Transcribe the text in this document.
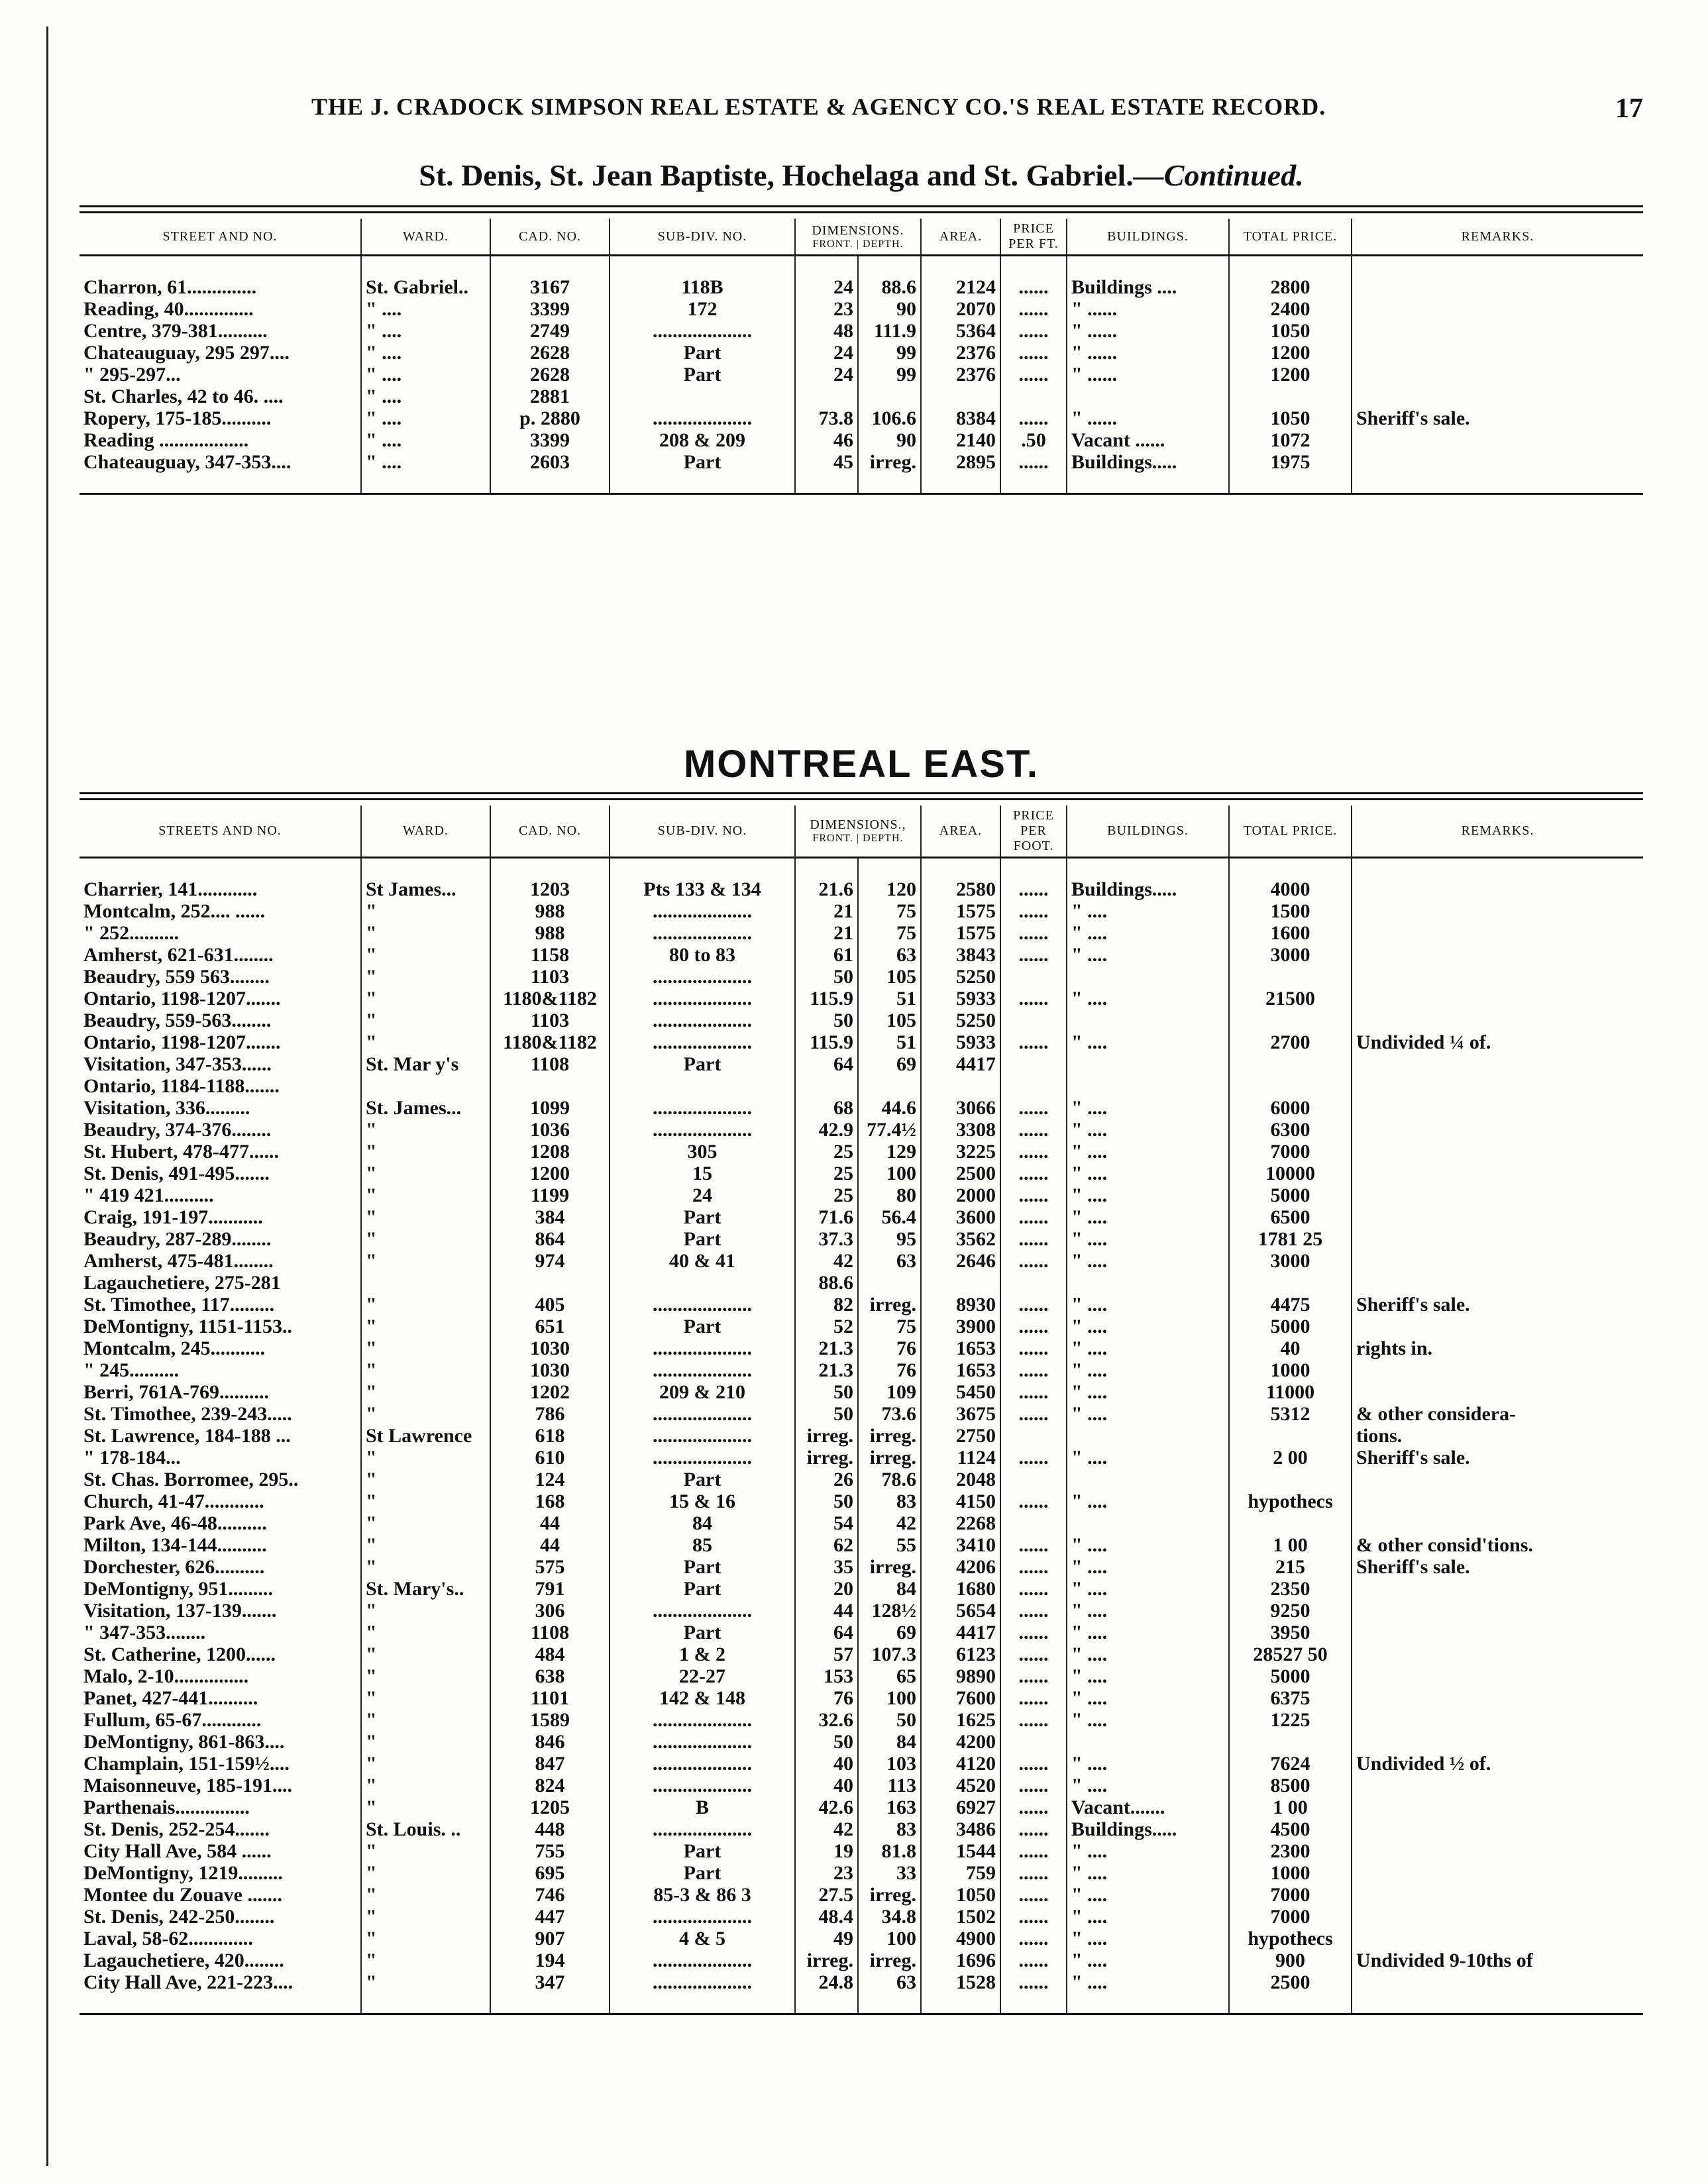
THE J. CRADOCK SIMPSON REAL ESTATE & AGENCY CO.'S REAL ESTATE RECORD.	17
St. Denis, St. Jean Baptiste, Hochelaga and St. Gabriel.—Continued.
STREET AND NO.	WARD.	CAD. NO.	SUB-DIV. NO.	DIMENSIONS.
FRONT. | DEPTH.		AREA.	PRICE PER FT.	BUILDINGS.	TOTAL PRICE.	REMARKS.

Charron, 61..............	St. Gabriel..	3167	118B	24	88.6	2124	......	Buildings ....	2800	
Reading, 40..............	" ....	3399	172	23	90	2070	......	" ......	2400	
Centre, 379-381..........	" ....	2749	....................	48	111.9	5364	......	" ......	1050	
Chateauguay, 295 297....	" ....	2628	Part	24	99	2376	......	" ......	1200	
" 295-297...	" ....	2628	Part	24	99	2376	......	" ......	1200	
St. Charles, 42 to 46. ....	" ....	2881								
Ropery, 175-185..........	" ....	p. 2880	....................	73.8	106.6	8384	......	" ......	1050	Sheriff's sale.
Reading ..................	" ....	3399	208 & 209	46	90	2140	.50	Vacant ......	1072	
Chateauguay, 347-353....	" ....	2603	Part	45	irreg.	2895	......	Buildings.....	1975	

MONTREAL EAST.
STREETS AND NO.	WARD.	CAD. NO.	SUB-DIV. NO.	DIMENSIONS.,
FRONT. | DEPTH.		AREA.	PRICE PER FOOT.	BUILDINGS.	TOTAL PRICE.	REMARKS.

Charrier, 141............	St James...	1203	Pts 133 & 134	21.6	120	2580	......	Buildings.....	4000	
Montcalm, 252.... ......	"	988	....................	21	75	1575	......	" ....	1500	
" 252..........	"	988	....................	21	75	1575	......	" ....	1600	
Amherst, 621-631........	"	1158	80 to 83	61	63	3843	......	" ....	3000	
Beaudry, 559 563........	"	1103	....................	50	105	5250				
Ontario, 1198-1207.......	"	1180&1182	....................	115.9	51	5933	......	" ....	21500	
Beaudry, 559-563........	"	1103	....................	50	105	5250				
Ontario, 1198-1207.......	"	1180&1182	....................	115.9	51	5933	......	" ....	2700	Undivided ¼ of.
Visitation, 347-353......	St. Mar y's	1108	Part	64	69	4417				
Ontario, 1184-1188.......										
Visitation, 336.........	St. James...	1099	....................	68	44.6	3066	......	" ....	6000	
Beaudry, 374-376........	"	1036	....................	42.9	77.4½	3308	......	" ....	6300	
St. Hubert, 478-477......	"	1208	305	25	129	3225	......	" ....	7000	
St. Denis, 491-495.......	"	1200	15	25	100	2500	......	" ....	10000	
" 419 421..........	"	1199	24	25	80	2000	......	" ....	5000	
Craig, 191-197...........	"	384	Part	71.6	56.4	3600	......	" ....	6500	
Beaudry, 287-289........	"	864	Part	37.3	95	3562	......	" ....	1781 25	
Amherst, 475-481........	"	974	40 & 41	42	63	2646	......	" ....	3000	
Lagauchetiere, 275-281				88.6						
St. Timothee, 117.........	"	405	....................	82	irreg.	8930	......	" ....	4475	Sheriff's sale.
DeMontigny, 1151-1153..	"	651	Part	52	75	3900	......	" ....	5000	
Montcalm, 245...........	"	1030	....................	21.3	76	1653	......	" ....	40	rights in.
" 245..........	"	1030	....................	21.3	76	1653	......	" ....	1000	
Berri, 761A-769..........	"	1202	209 & 210	50	109	5450	......	" ....	11000	
St. Timothee, 239-243.....	"	786	....................	50	73.6	3675	......	" ....	5312	& other considera-
St. Lawrence, 184-188 ...	St Lawrence	618	....................	irreg.	irreg.	2750				tions.
" 178-184...	"	610	....................	irreg.	irreg.	1124	......	" ....	2 00	Sheriff's sale.
St. Chas. Borromee, 295..	"	124	Part	26	78.6	2048				
Church, 41-47............	"	168	15 & 16	50	83	4150	......	" ....	hypothecs	
Park Ave, 46-48..........	"	44	84	54	42	2268				
Milton, 134-144..........	"	44	85	62	55	3410	......	" ....	1 00	& other consid'tions.
Dorchester, 626..........	"	575	Part	35	irreg.	4206	......	" ....	215	Sheriff's sale.
DeMontigny, 951.........	St. Mary's..	791	Part	20	84	1680	......	" ....	2350	
Visitation, 137-139.......	"	306	....................	44	128½	5654	......	" ....	9250	
" 347-353........	"	1108	Part	64	69	4417	......	" ....	3950	
St. Catherine, 1200......	"	484	1 & 2	57	107.3	6123	......	" ....	28527 50	
Malo, 2-10...............	"	638	22-27	153	65	9890	......	" ....	5000	
Panet, 427-441..........	"	1101	142 & 148	76	100	7600	......	" ....	6375	
Fullum, 65-67............	"	1589	....................	32.6	50	1625	......	" ....	1225	
DeMontigny, 861-863....	"	846	....................	50	84	4200				
Champlain, 151-159½....	"	847	....................	40	103	4120	......	" ....	7624	Undivided ½ of.
Maisonneuve, 185-191....	"	824	....................	40	113	4520	......	" ....	8500	
Parthenais...............	"	1205	B	42.6	163	6927	......	Vacant.......	1 00	
St. Denis, 252-254.......	St. Louis. ..	448	....................	42	83	3486	......	Buildings.....	4500	
City Hall Ave, 584 ......	"	755	Part	19	81.8	1544	......	" ....	2300	
DeMontigny, 1219.........	"	695	Part	23	33	759	......	" ....	1000	
Montee du Zouave .......	"	746	85-3 & 86 3	27.5	irreg.	1050	......	" ....	7000	
St. Denis, 242-250........	"	447	....................	48.4	34.8	1502	......	" ....	7000	
Laval, 58-62.............	"	907	4 & 5	49	100	4900	......	" ....	hypothecs	
Lagauchetiere, 420........	"	194	....................	irreg.	irreg.	1696	......	" ....	900	Undivided 9-10ths of
City Hall Ave, 221-223....	"	347	....................	24.8	63	1528	......	" ....	2500	
